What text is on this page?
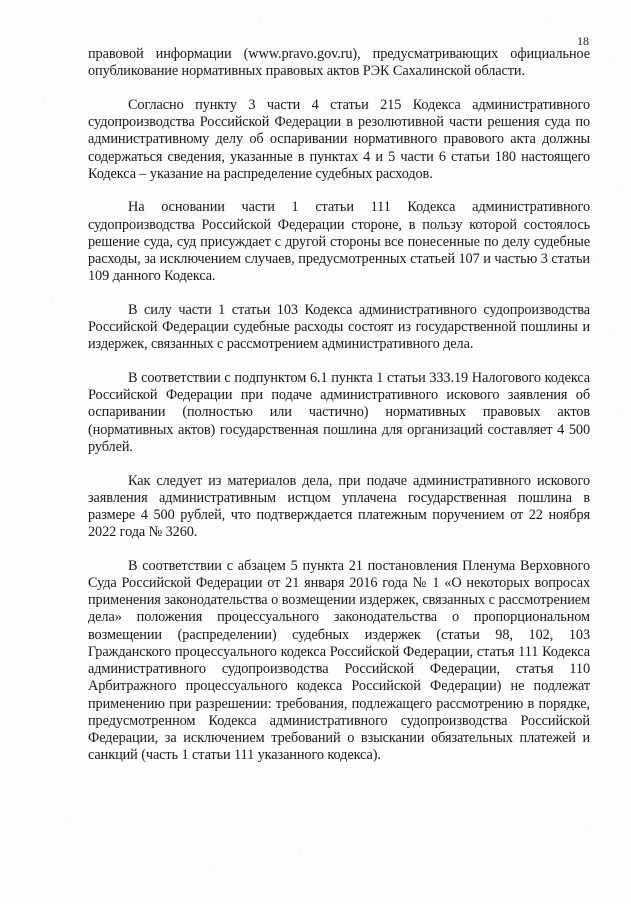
18

правовой информации (www.pravo.gov.ru), предусматривающих официальное опубликование нормативных правовых актов РЭК Сахалинской области.

Согласно пункту 3 части 4 статьи 215 Кодекса административного судопроизводства Российской Федерации в резолютивной части решения суда по административному делу об оспаривании нормативного правового акта должны содержаться сведения, указанные в пунктах 4 и 5 части 6 статьи 180 настоящего Кодекса – указание на распределение судебных расходов.

На основании части 1 статьи 111 Кодекса административного судопроизводства Российской Федерации стороне, в пользу которой состоялось решение суда, суд присуждает с другой стороны все понесенные по делу судебные расходы, за исключением случаев, предусмотренных статьей 107 и частью 3 статьи 109 данного Кодекса.

В силу части 1 статьи 103 Кодекса административного судопроизводства Российской Федерации судебные расходы состоят из государственной пошлины и издержек, связанных с рассмотрением административного дела.

В соответствии с подпунктом 6.1 пункта 1 статьи 333.19 Налогового кодекса Российской Федерации при подаче административного искового заявления об оспаривании (полностью или частично) нормативных правовых актов (нормативных актов) государственная пошлина для организаций составляет 4 500 рублей.

Как следует из материалов дела, при подаче административного искового заявления административным истцом уплачена государственная пошлина в размере 4 500 рублей, что подтверждается платежным поручением от 22 ноября 2022 года № 3260.

В соответствии с абзацем 5 пункта 21 постановления Пленума Верховного Суда Российской Федерации от 21 января 2016 года № 1 «О некоторых вопросах применения законодательства о возмещении издержек, связанных с рассмотрением дела» положения процессуального законодательства о пропорциональном возмещении (распределении) судебных издержек (статьи 98, 102, 103 Гражданского процессуального кодекса Российской Федерации, статья 111 Кодекса административного судопроизводства Российской Федерации, статья 110 Арбитражного процессуального кодекса Российской Федерации) не подлежат применению при разрешении: требования, подлежащего рассмотрению в порядке, предусмотренном Кодекса административного судопроизводства Российской Федерации, за исключением требований о взыскании обязательных платежей и санкций (часть 1 статьи 111 указанного кодекса).
